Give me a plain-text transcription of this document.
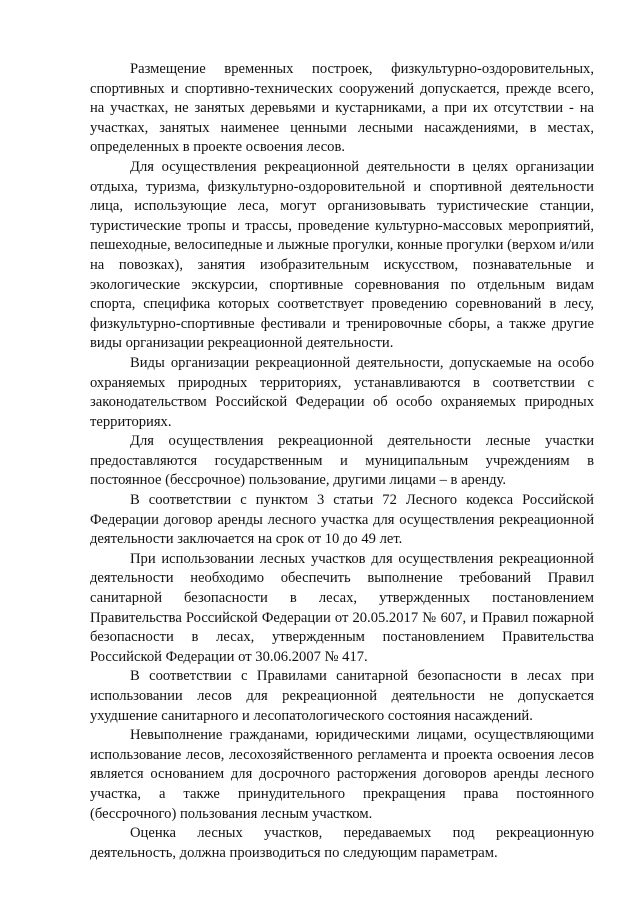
Размещение временных построек, физкультурно-оздоровительных, спортивных и спортивно-технических сооружений допускается, прежде всего, на участках, не занятых деревьями и кустарниками, а при их отсутствии - на участках, занятых наименее ценными лесными насаждениями, в местах, определенных в проекте освоения лесов.

Для осуществления рекреационной деятельности в целях организации отдыха, туризма, физкультурно-оздоровительной и спортивной деятельности лица, использующие леса, могут организовывать туристические станции, туристические тропы и трассы, проведение культурно-массовых мероприятий, пешеходные, велосипедные и лыжные прогулки, конные прогулки (верхом и/или на повозках), занятия изобразительным искусством, познавательные и экологические экскурсии, спортивные соревнования по отдельным видам спорта, специфика которых соответствует проведению соревнований в лесу, физкультурно-спортивные фестивали и тренировочные сборы, а также другие виды организации рекреационной деятельности.

Виды организации рекреационной деятельности, допускаемые на особо охраняемых природных территориях, устанавливаются в соответствии с законодательством Российской Федерации об особо охраняемых природных территориях.

Для осуществления рекреационной деятельности лесные участки предоставляются государственным и муниципальным учреждениям в постоянное (бессрочное) пользование, другими лицами – в аренду.

В соответствии с пунктом 3 статьи 72 Лесного кодекса Российской Федерации договор аренды лесного участка для осуществления рекреационной деятельности заключается на срок от 10 до 49 лет.

При использовании лесных участков для осуществления рекреационной деятельности необходимо обеспечить выполнение требований Правил санитарной безопасности в лесах, утвержденных постановлением Правительства Российской Федерации от 20.05.2017 № 607, и Правил пожарной безопасности в лесах, утвержденным постановлением Правительства Российской Федерации от 30.06.2007 № 417.

В соответствии с Правилами санитарной безопасности в лесах при использовании лесов для рекреационной деятельности не допускается ухудшение санитарного и лесопатологического состояния насаждений.

Невыполнение гражданами, юридическими лицами, осуществляющими использование лесов, лесохозяйственного регламента и проекта освоения лесов является основанием для досрочного расторжения договоров аренды лесного участка, а также принудительного прекращения права постоянного (бессрочного) пользования лесным участком.

Оценка лесных участков, передаваемых под рекреационную деятельность, должна производиться по следующим параметрам.
